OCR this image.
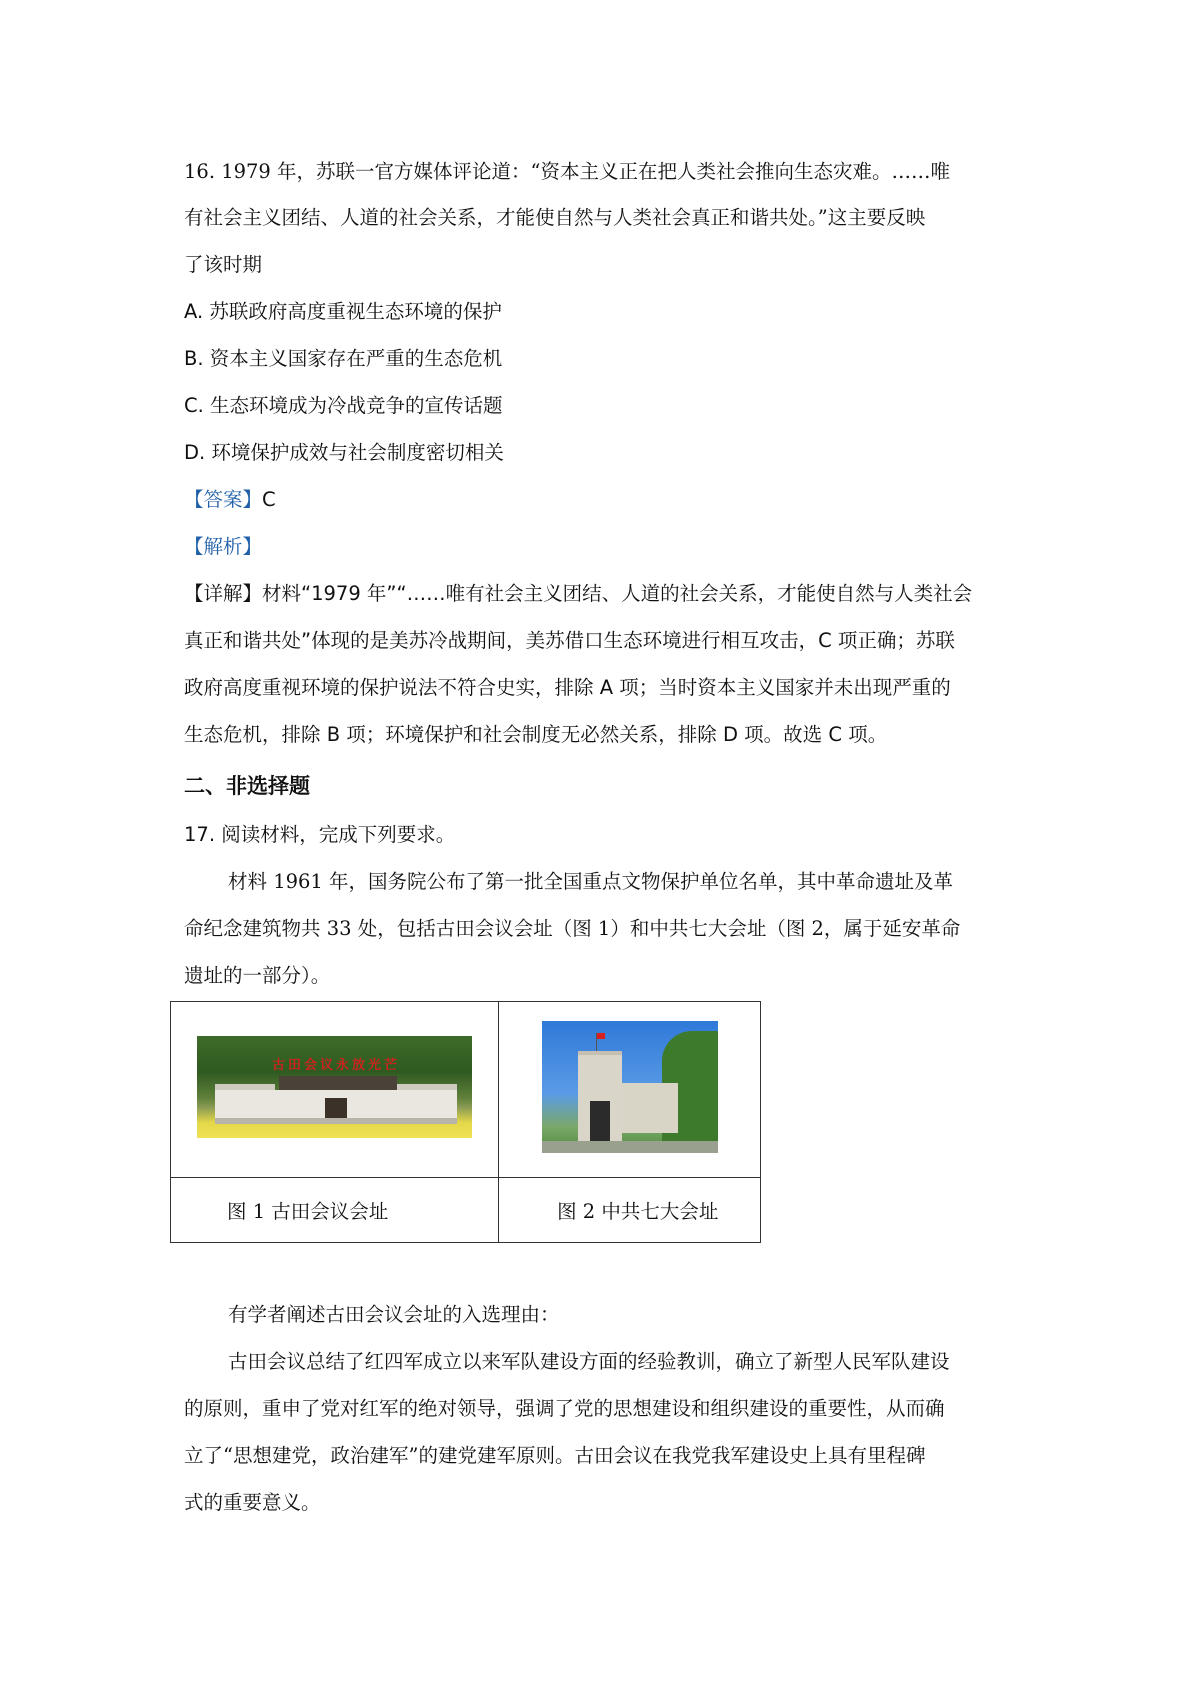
16. 1979 年，苏联一官方媒体评论道：“资本主义正在把人类社会推向生态灾难。……唯
有社会主义团结、人道的社会关系，才能使自然与人类社会真正和谐共处。”这主要反映
了该时期
A. 苏联政府高度重视生态环境的保护
B. 资本主义国家存在严重的生态危机
C. 生态环境成为冷战竞争的宣传话题
D. 环境保护成效与社会制度密切相关
【答案】C
【解析】
【详解】材料“1979 年”“……唯有社会主义团结、人道的社会关系，才能使自然与人类社会
真正和谐共处”体现的是美苏冷战期间，美苏借口生态环境进行相互攻击，C 项正确；苏联
政府高度重视环境的保护说法不符合史实，排除 A 项；当时资本主义国家并未出现严重的
生态危机，排除 B 项；环境保护和社会制度无必然关系，排除 D 项。故选 C 项。
二、非选择题
17. 阅读材料，完成下列要求。
材料 1961 年，国务院公布了第一批全国重点文物保护单位名单，其中革命遗址及革
命纪念建筑物共 33 处，包括古田会议会址（图 1）和中共七大会址（图 2，属于延安革命
遗址的一部分）。
古田会议永放光芒	

图 1 古田会议会址	图 2 中共七大会址
有学者阐述古田会议会址的入选理由：
古田会议总结了红四军成立以来军队建设方面的经验教训，确立了新型人民军队建设
的原则，重申了党对红军的绝对领导，强调了党的思想建设和组织建设的重要性，从而确
立了“思想建党，政治建军”的建党建军原则。古田会议在我党我军建设史上具有里程碑
式的重要意义。
